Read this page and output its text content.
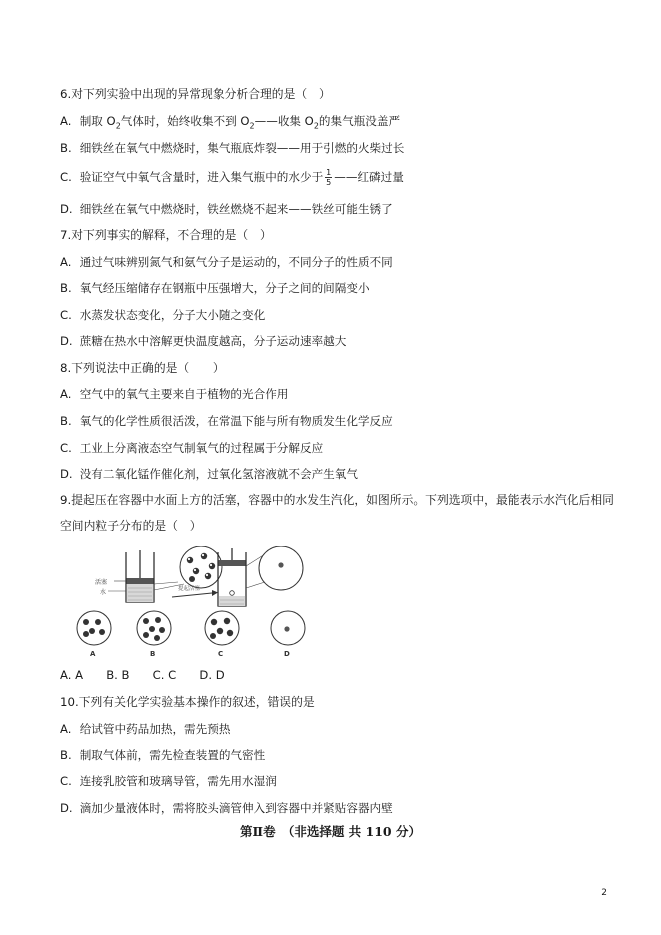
6.对下列实验中出现的异常现象分析合理的是（　）
A. 制取 $O_2$气体时，始终收集不到 $O_2——$收集 $O_2$的集气瓶没盖严
B. 细铁丝在氧气中燃烧时，集气瓶底炸裂——用于引燃的火柴过长
C. 验证空气中氧气含量时，进入集气瓶中的水少于 $\frac{1}{5}$ ——红磷过量
D. 细铁丝在氧气中燃烧时，铁丝燃烧不起来——铁丝可能生锈了
7.对下列事实的解释，不合理的是（　）
A. 通过气味辨别氮气和氨气分子是运动的，不同分子的性质不同
B. 氧气经压缩储存在钢瓶中压强增大，分子之间的间隔变小
C. 水蒸发状态变化，分子大小随之变化
D. 蔗糖在热水中溶解更快温度越高，分子运动速率越大
8.下列说法中正确的是（　　）
A. 空气中的氧气主要来自于植物的光合作用
B. 氧气的化学性质很活泼，在常温下能与所有物质发生化学反应
C. 工业上分离液态空气制氧气的过程属于分解反应
D. 没有二氧化锰作催化剂，过氧化氢溶液就不会产生氧气
9.提起压在容器中水面上方的活塞，容器中的水发生汽化，如图所示。下列选项中，最能表示水汽化后相同
空间内粒子分布的是（　）
活塞
水	提起活塞
A	B	C	D
A. A　　B. B　　C. C　　D. D
10.下列有关化学实验基本操作的叙述，错误的是
A. 给试管中药品加热，需先预热
B. 制取气体前，需先检查装置的气密性
C. 连接乳胶管和玻璃导管，需先用水湿润
D. 滴加少量液体时，需将胶头滴管伸入到容器中并紧贴容器内壁
第Ⅱ卷　（非选择题 共 110 分）
2
